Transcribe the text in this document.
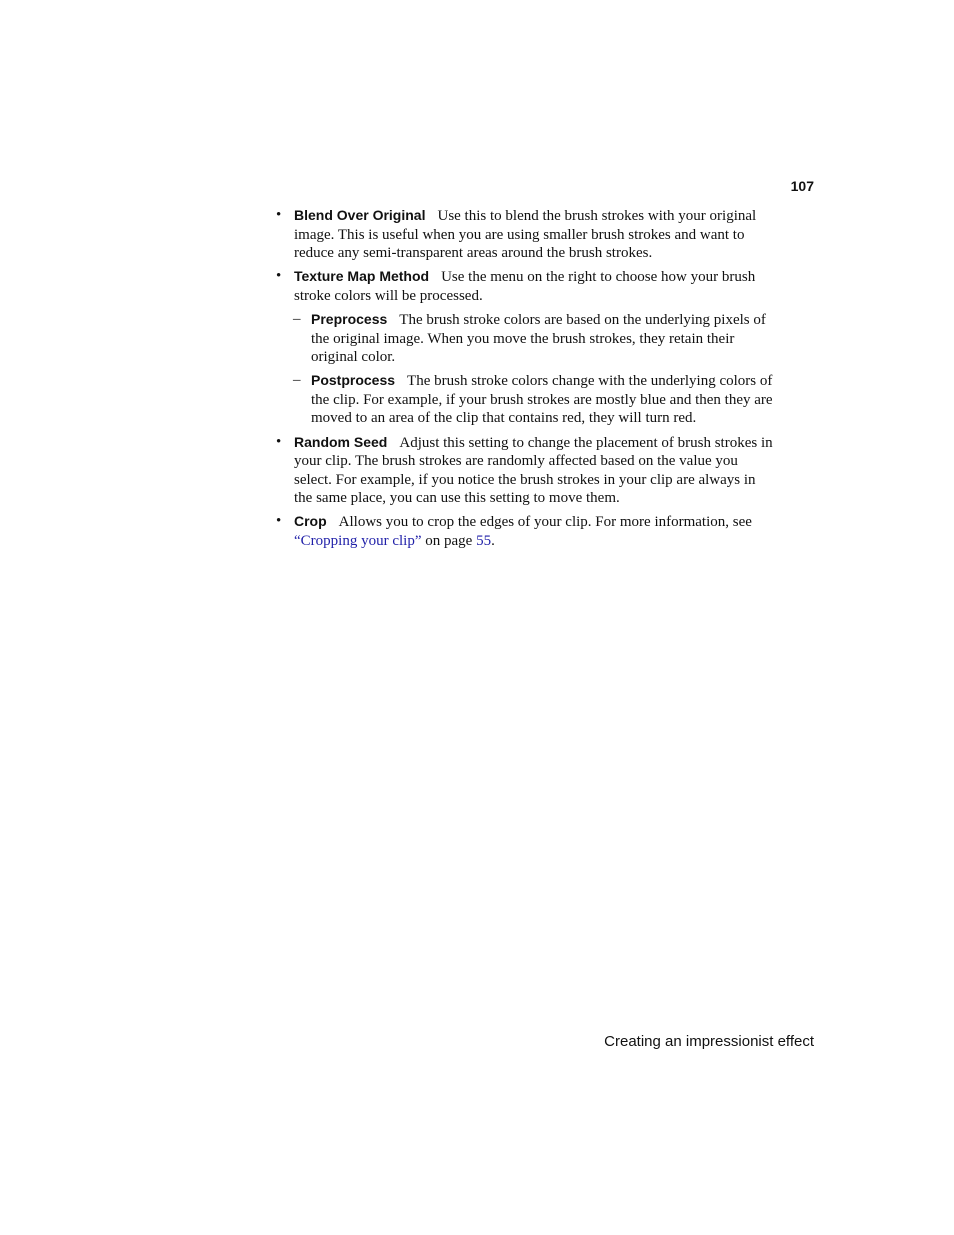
107
• Blend Over Original Use this to blend the brush strokes with your original image. This is useful when you are using smaller brush strokes and want to reduce any semi-transparent areas around the brush strokes.
• Texture Map Method Use the menu on the right to choose how your brush stroke colors will be processed.
– Preprocess The brush stroke colors are based on the underlying pixels of the original image. When you move the brush strokes, they retain their original color.
– Postprocess The brush stroke colors change with the underlying colors of the clip. For example, if your brush strokes are mostly blue and then they are moved to an area of the clip that contains red, they will turn red.
• Random Seed Adjust this setting to change the placement of brush strokes in your clip. The brush strokes are randomly affected based on the value you select. For example, if you notice the brush strokes in your clip are always in the same place, you can use this setting to move them.
• Crop Allows you to crop the edges of your clip. For more information, see “Cropping your clip” on page 55.
Creating an impressionist effect
